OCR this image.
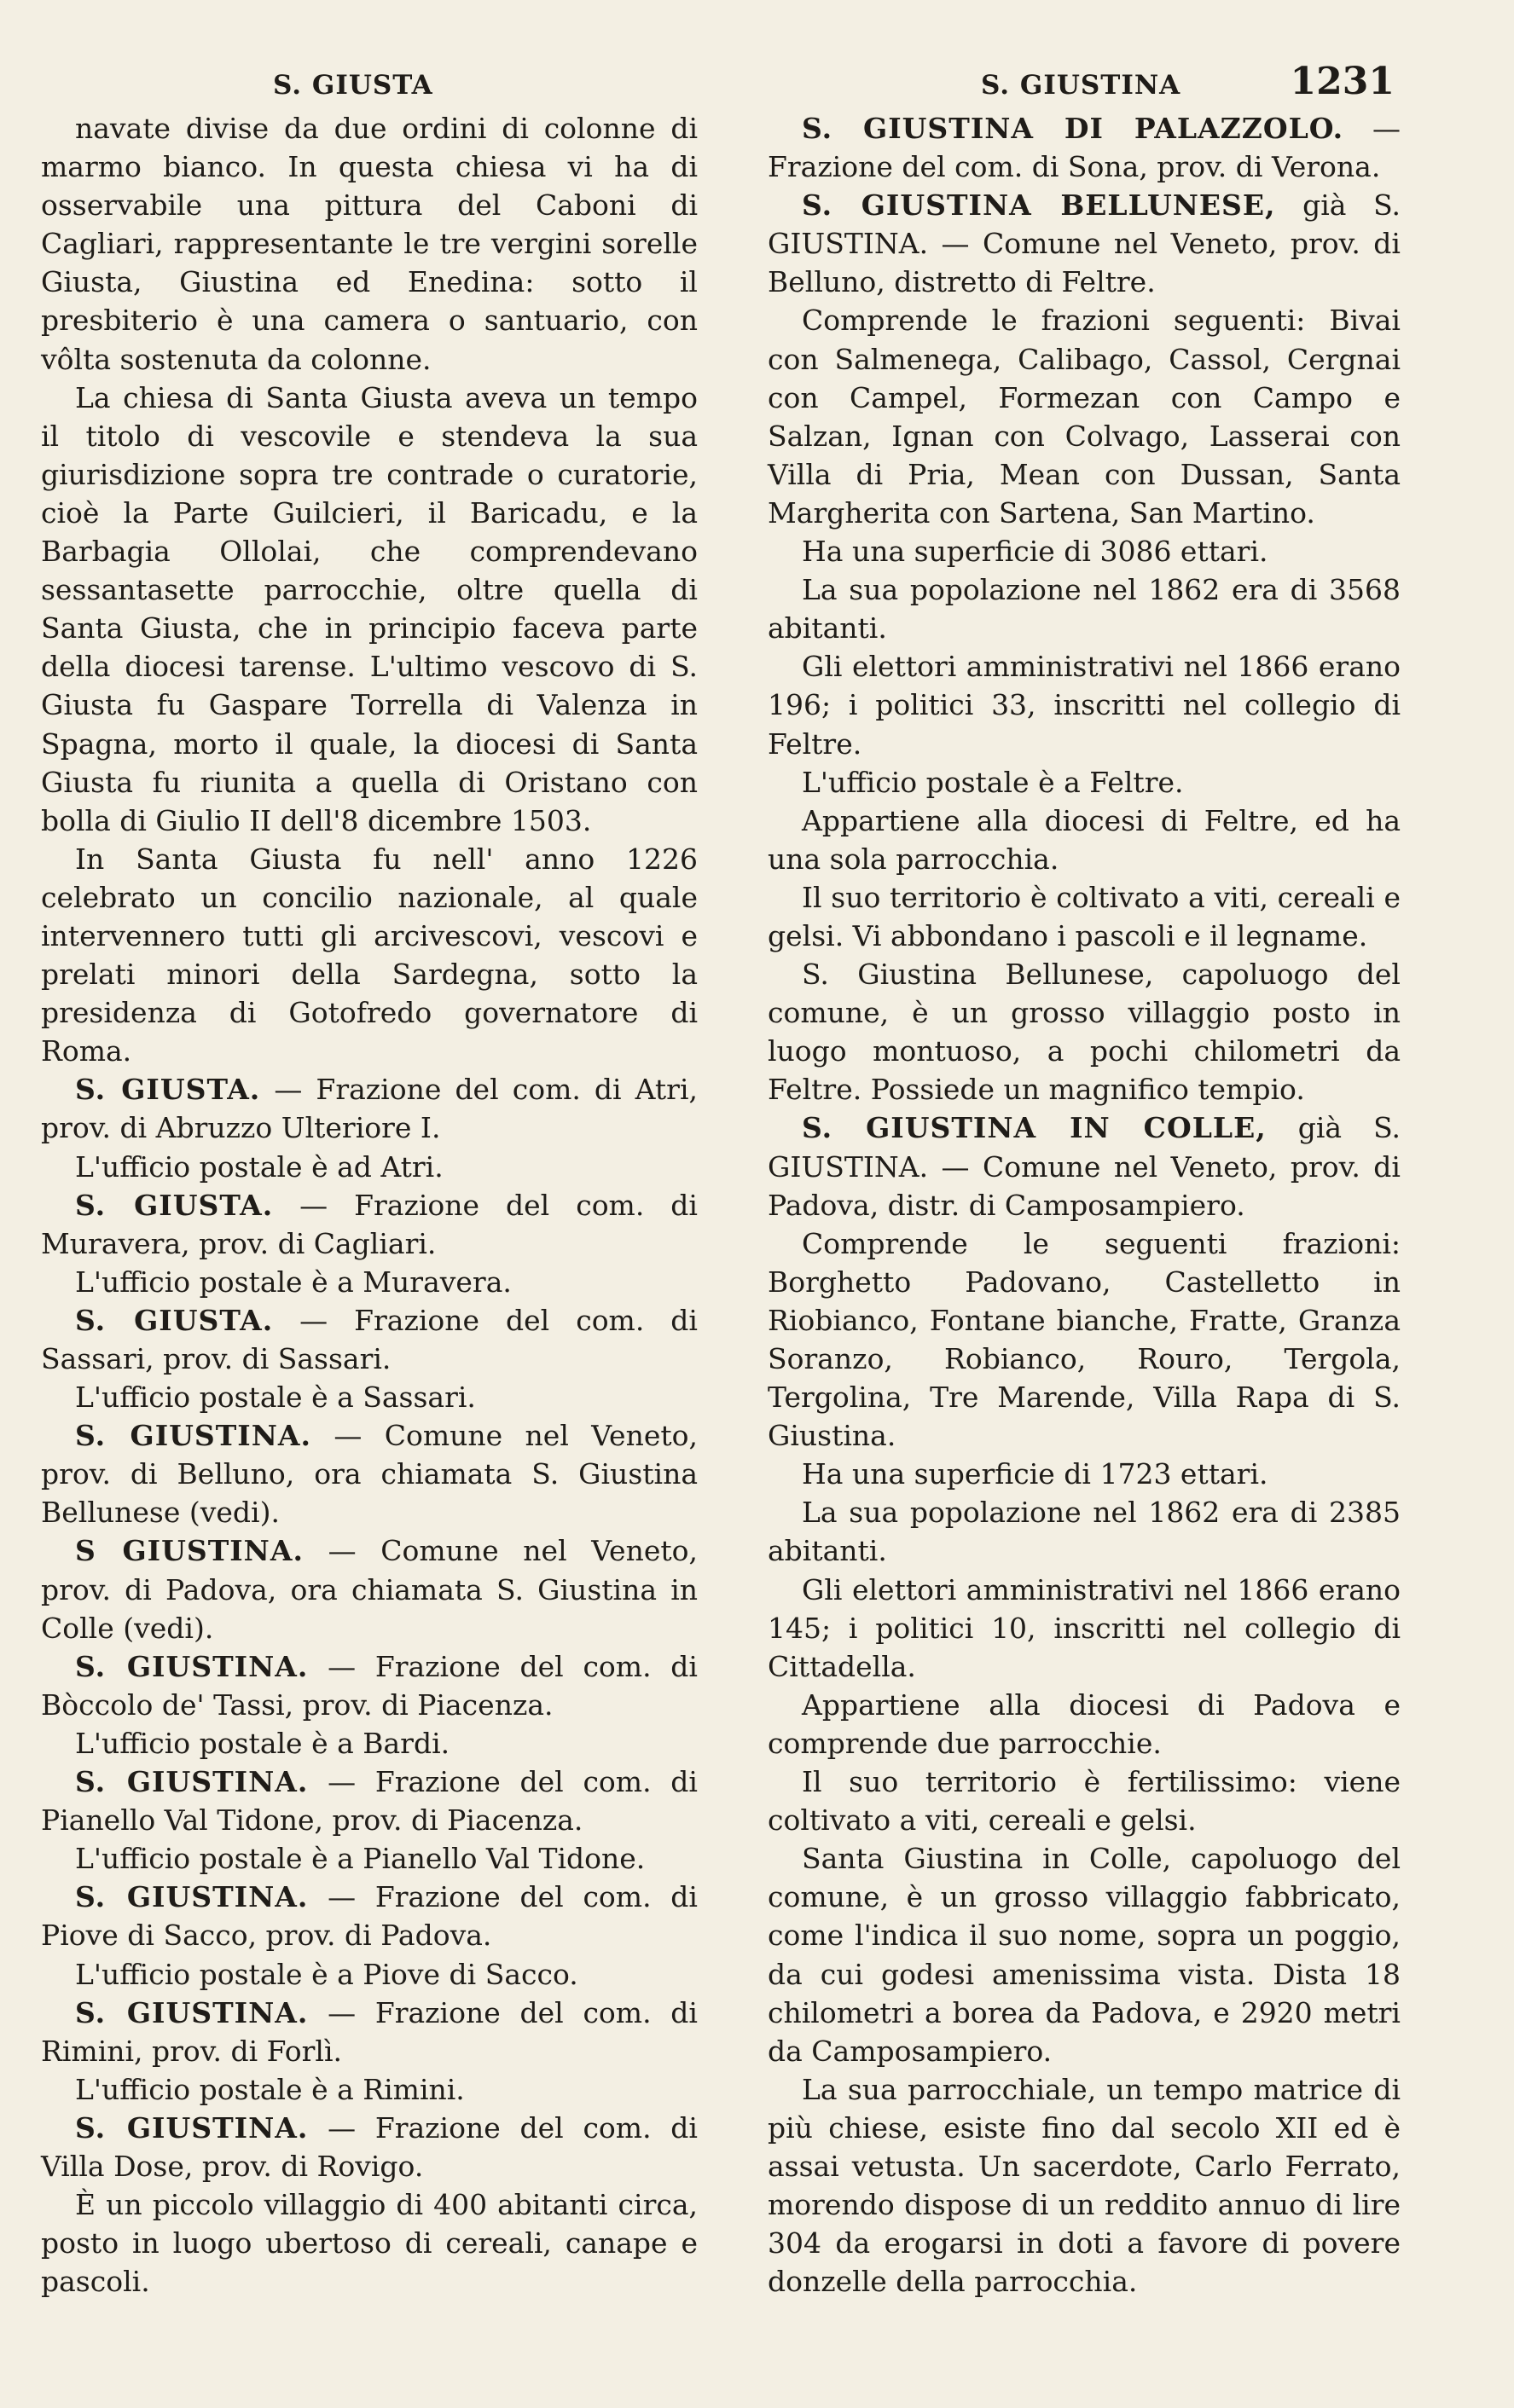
S. GIUSTA	S. GIUSTINA	1231

navate divise da due ordini di colonne di marmo bianco. In questa chiesa vi ha di osservabile una pittura del Caboni di Cagliari, rappresentante le tre vergini sorelle Giusta, Giustina ed Enedina: sotto il presbiterio è una camera o santuario, con vôlta sostenuta da colonne.

La chiesa di Santa Giusta aveva un tempo il titolo di vescovile e stendeva la sua giurisdizione sopra tre contrade o curatorie, cioè la Parte Guilcieri, il Baricadu, e la Barbagia Ollolai, che comprendevano sessantasette parrocchie, oltre quella di Santa Giusta, che in principio faceva parte della diocesi tarense. L'ultimo vescovo di S. Giusta fu Gaspare Torrella di Valenza in Spagna, morto il quale, la diocesi di Santa Giusta fu riunita a quella di Oristano con bolla di Giulio II dell'8 dicembre 1503.

In Santa Giusta fu nell' anno 1226 celebrato un concilio nazionale, al quale intervennero tutti gli arcivescovi, vescovi e prelati minori della Sardegna, sotto la presidenza di Gotofredo governatore di Roma.

S. GIUSTA. — Frazione del com. di Atri, prov. di Abruzzo Ulteriore I.

L'ufficio postale è ad Atri.

S. GIUSTA. — Frazione del com. di Muravera, prov. di Cagliari.

L'ufficio postale è a Muravera.

S. GIUSTA. — Frazione del com. di Sassari, prov. di Sassari.

L'ufficio postale è a Sassari.

S. GIUSTINA. — Comune nel Veneto, prov. di Belluno, ora chiamata S. Giustina Bellunese (vedi).

S GIUSTINA. — Comune nel Veneto, prov. di Padova, ora chiamata S. Giustina in Colle (vedi).

S. GIUSTINA. — Frazione del com. di Bòccolo de' Tassi, prov. di Piacenza.

L'ufficio postale è a Bardi.

S. GIUSTINA. — Frazione del com. di Pianello Val Tidone, prov. di Piacenza.

L'ufficio postale è a Pianello Val Tidone.

S. GIUSTINA. — Frazione del com. di Piove di Sacco, prov. di Padova.

L'ufficio postale è a Piove di Sacco.

S. GIUSTINA. — Frazione del com. di Rimini, prov. di Forlì.

L'ufficio postale è a Rimini.

S. GIUSTINA. — Frazione del com. di Villa Dose, prov. di Rovigo.

È un piccolo villaggio di 400 abitanti circa, posto in luogo ubertoso di cereali, canape e pascoli.

S. GIUSTINA DI PALAZZOLO. — Frazione del com. di Sona, prov. di Verona.

S. GIUSTINA BELLUNESE, già S. GIUSTINA. — Comune nel Veneto, prov. di Belluno, distretto di Feltre.

Comprende le frazioni seguenti: Bivai con Salmenega, Calibago, Cassol, Cergnai con Campel, Formezan con Campo e Salzan, Ignan con Colvago, Lasserai con Villa di Pria, Mean con Dussan, Santa Margherita con Sartena, San Martino.

Ha una superficie di 3086 ettari.

La sua popolazione nel 1862 era di 3568 abitanti.

Gli elettori amministrativi nel 1866 erano 196; i politici 33, inscritti nel collegio di Feltre.

L'ufficio postale è a Feltre.

Appartiene alla diocesi di Feltre, ed ha una sola parrocchia.

Il suo territorio è coltivato a viti, cereali e gelsi. Vi abbondano i pascoli e il legname.

S. Giustina Bellunese, capoluogo del comune, è un grosso villaggio posto in luogo montuoso, a pochi chilometri da Feltre. Possiede un magnifico tempio.

S. GIUSTINA IN COLLE, già S. GIUSTINA. — Comune nel Veneto, prov. di Padova, distr. di Camposampiero.

Comprende le seguenti frazioni: Borghetto Padovano, Castelletto in Riobianco, Fontane bianche, Fratte, Granza Soranzo, Robianco, Rouro, Tergola, Tergolina, Tre Marende, Villa Rapa di S. Giustina.

Ha una superficie di 1723 ettari.

La sua popolazione nel 1862 era di 2385 abitanti.

Gli elettori amministrativi nel 1866 erano 145; i politici 10, inscritti nel collegio di Cittadella.

Appartiene alla diocesi di Padova e comprende due parrocchie.

Il suo territorio è fertilissimo: viene coltivato a viti, cereali e gelsi.

Santa Giustina in Colle, capoluogo del comune, è un grosso villaggio fabbricato, come l'indica il suo nome, sopra un poggio, da cui godesi amenissima vista. Dista 18 chilometri a borea da Padova, e 2920 metri da Camposampiero.

La sua parrocchiale, un tempo matrice di più chiese, esiste fino dal secolo XII ed è assai vetusta. Un sacerdote, Carlo Ferrato, morendo dispose di un reddito annuo di lire 304 da erogarsi in doti a favore di povere donzelle della parrocchia.
